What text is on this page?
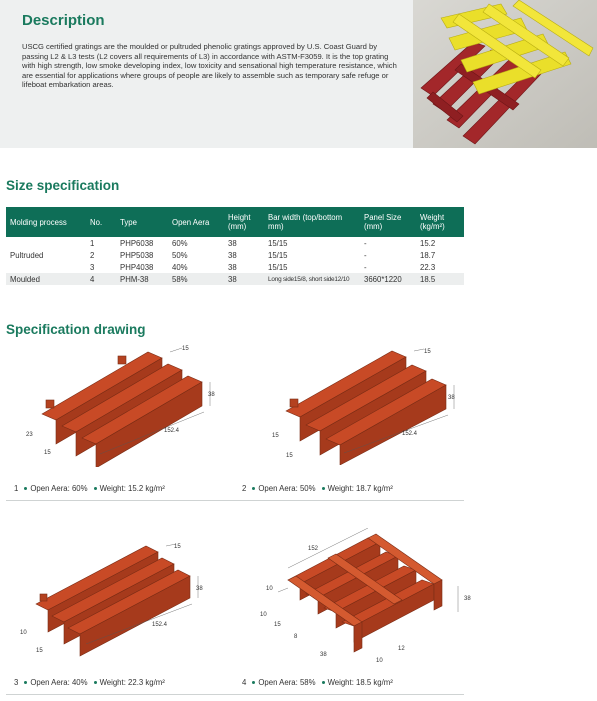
Description
USCG certified gratings are the moulded or pultruded phenolic gratings approved by U.S. Coast Guard by passing L2 & L3 tests (L2 covers all requirements of L3) in accordance with ASTM-F3059. It is the top grating with high strength, low smoke developing index, low toxicity and sensational high temperature resistance, which are essential for applications where groups of people are likely to assemble such as temporary safe refuge or lifeboat embarkation areas.
Size specification
Molding process	No.	Type	Open Aera	Height (mm)	Bar width (top/bottom mm)	Panel Size (mm)	Weight (kg/m²)
	1	PHP6038	60%	38	15/15	-	15.2
Pultruded	2	PHP5038	50%	38	15/15	-	18.7
	3	PHP4038	40%	38	15/15	-	22.3
Moulded	4	PHM-38	58%	38	Long side15/8, short side12/10	3660*1220	18.5
Specification drawing
15
38
23
15
152.4
15
38
15
15
152.4
1 Open Aera: 60% Weight: 15.2 kg/m²	2 Open Aera: 50% Weight: 18.7 kg/m²
15
38
10
15
152.4
152
38
10
10
15
8
12
38
10
3 Open Aera: 40% Weight: 22.3 kg/m²	4 Open Aera: 58% Weight: 18.5 kg/m²
